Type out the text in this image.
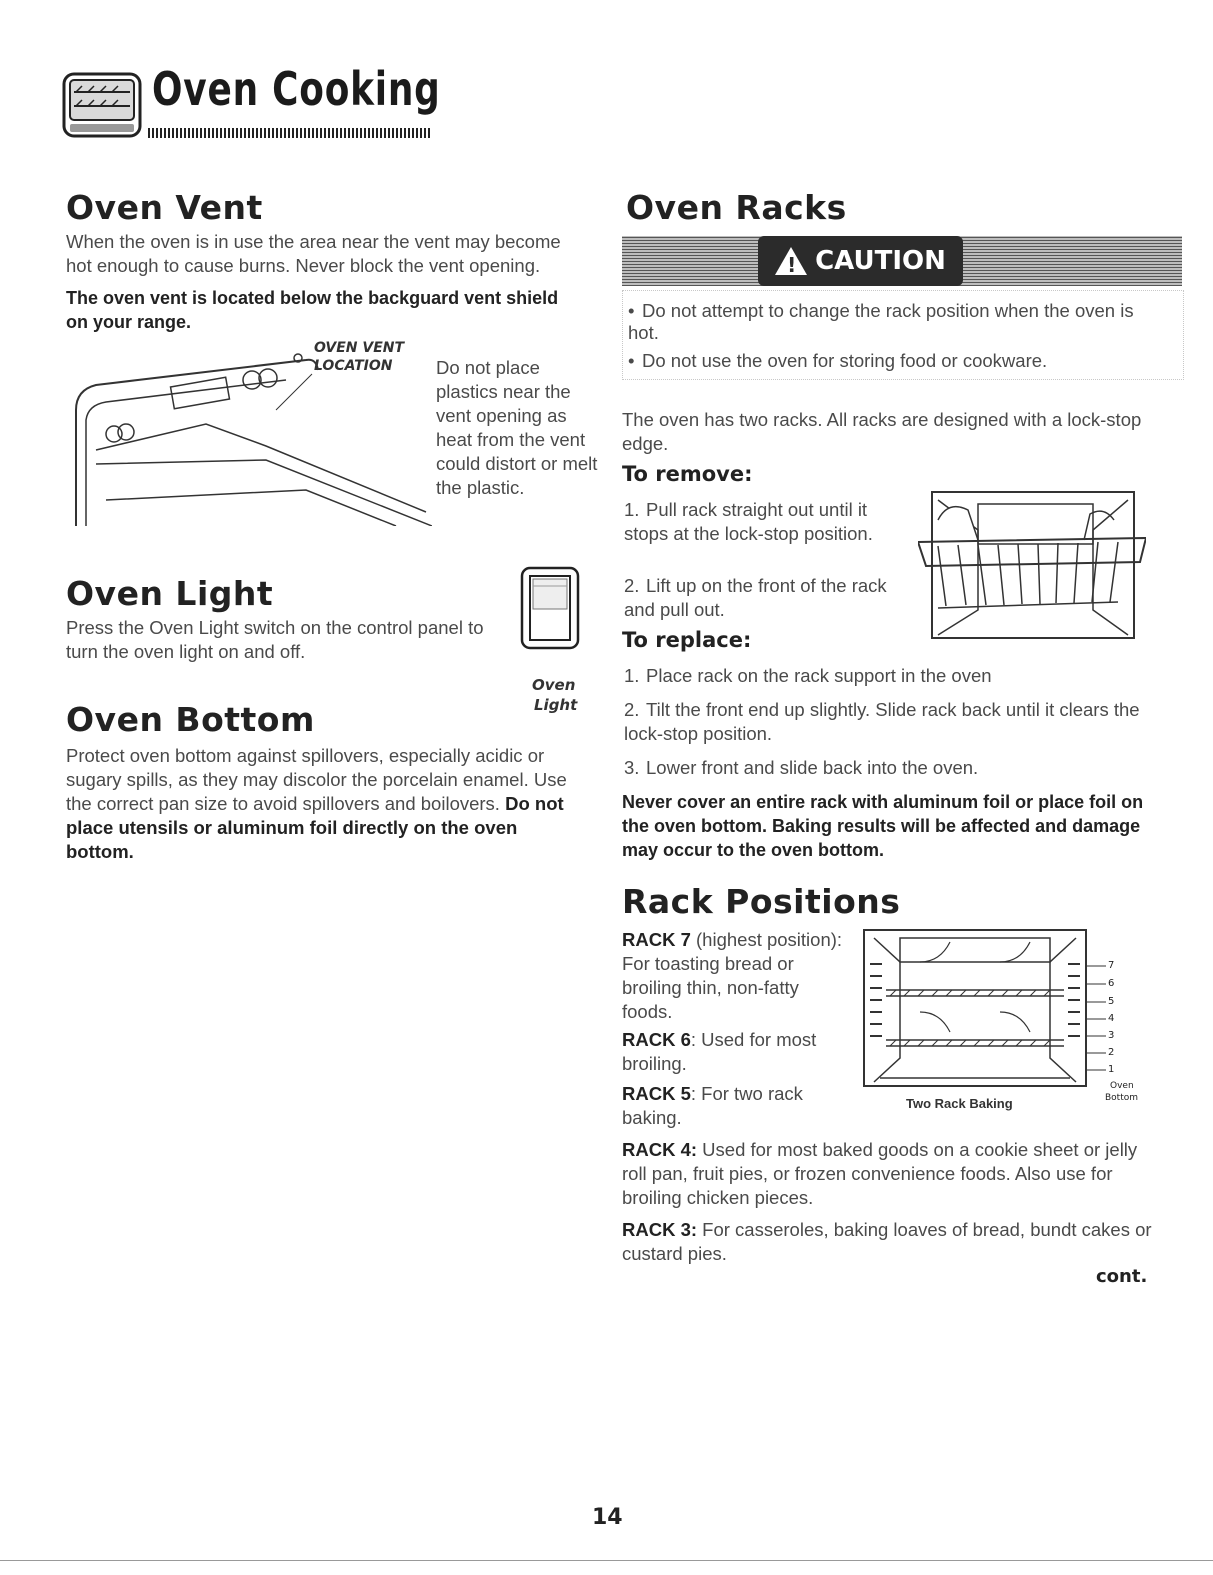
Oven Cooking
Oven Vent
When the oven is in use the area near the vent may become hot enough to cause burns. Never block the vent opening.
The oven vent is located below the backguard vent shield on your range.
OVEN VENT
LOCATION Do not place plastics near the vent opening as heat from the vent could distort or melt the plastic.
Oven Light
Press the Oven Light switch on the control panel to turn the oven light on and off.
Oven
Light
Oven Bottom
Protect oven bottom against spillovers, especially acidic or sugary spills, as they may discolor the porcelain enamel. Use the correct pan size to avoid spillovers and boilovers. Do not place utensils or aluminum foil directly on the oven bottom.
Oven Racks
! CAUTION
• Do not attempt to change the rack position when the oven is hot.
• Do not use the oven for storing food or cookware.
The oven has two racks. All racks are designed with a lock-stop edge.
To remove:
1. Pull rack straight out until it stops at the lock-stop position.
2. Lift up on the front of the rack and pull out.
To replace:
1. Place rack on the rack support in the oven
2. Tilt the front end up slightly. Slide rack back until it clears the lock-stop position.
3. Lower front and slide back into the oven.
Never cover an entire rack with aluminum foil or place foil on the oven bottom. Baking results will be affected and damage may occur to the oven bottom.
Rack Positions
RACK 7 (highest position): For toasting bread or broiling thin, non-fatty foods.
RACK 6: Used for most broiling.
RACK 5: For two rack baking.
Two Rack Baking
7
6
5
4
3
2
1
Oven
Bottom
RACK 4: Used for most baked goods on a cookie sheet or jelly roll pan, fruit pies, or frozen convenience foods. Also use for broiling chicken pieces.
RACK 3: For casseroles, baking loaves of bread, bundt cakes or custard pies.
cont.
14
